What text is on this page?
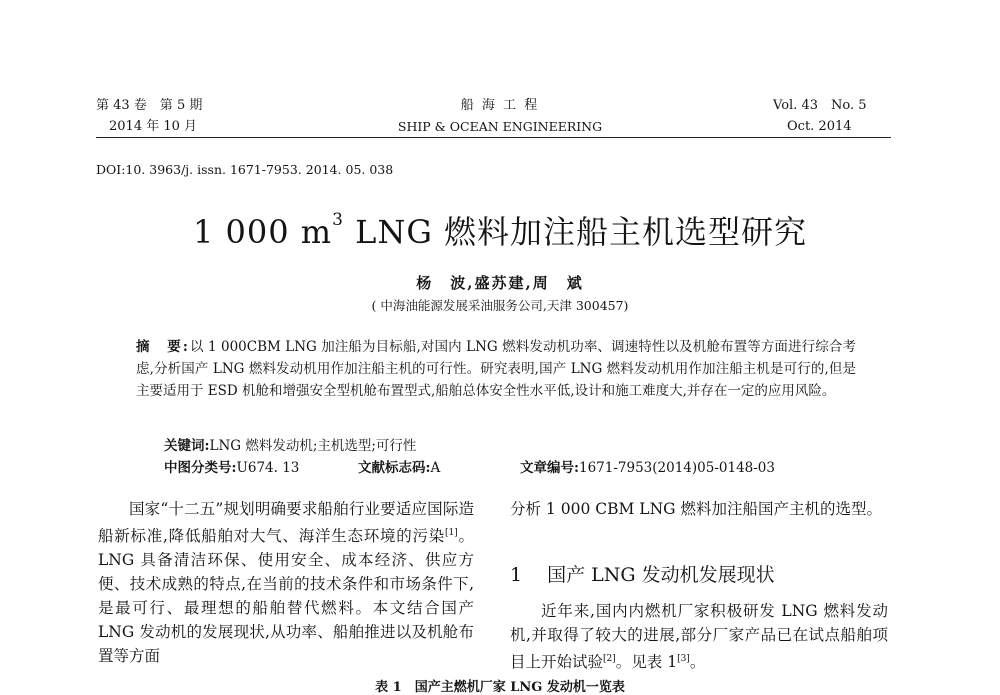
第 43 卷　第 5 期
2014 年 10 月
船 海 工 程
SHIP & OCEAN ENGINEERING
Vol. 43　No. 5
Oct. 2014
DOI:10. 3963/j. issn. 1671-7953. 2014. 05. 038
1 000 $m^3$ LNG 燃料加注船主机选型研究
杨　波,盛苏建,周　斌
( 中海油能源发展采油服务公司,天津 300457)
摘　要:以 1 000CBM LNG 加注船为目标船,对国内 LNG 燃料发动机功率、调速特性以及机舱布置等方面进行综合考虑,分析国产 LNG 燃料发动机用作加注船主机的可行性。研究表明,国产 LNG 燃料发动机用作加注船主机是可行的,但是主要适用于 ESD 机舱和增强安全型机舱布置型式,船舶总体安全性水平低,设计和施工难度大,并存在一定的应用风险。
关键词:LNG 燃料发动机;主机选型;可行性
中图分类号:U674. 13	文献标志码:A	文章编号:1671-7953(2014)05-0148-03
国家“十二五”规划明确要求船舶行业要适应国际造船新标准,降低船舶对大气、海洋生态环境的污染[1]。LNG 具备清洁环保、使用安全、成本经济、供应方便、技术成熟的特点,在当前的技术条件和市场条件下,是最可行、最理想的船舶替代燃料。本文结合国产 LNG 发动机的发展现状,从功率、船舶推进以及机舱布置等方面
分析 1 000 CBM LNG 燃料加注船国产主机的选型。
1　 国产 LNG 发动机发展现状
近年来,国内内燃机厂家积极研发 LNG 燃料发动机,并取得了较大的进展,部分厂家产品已在试点船舶项目上开始试验[2]。见表 1[3]。
表 1　国产主燃机厂家 LNG 发动机一览表
